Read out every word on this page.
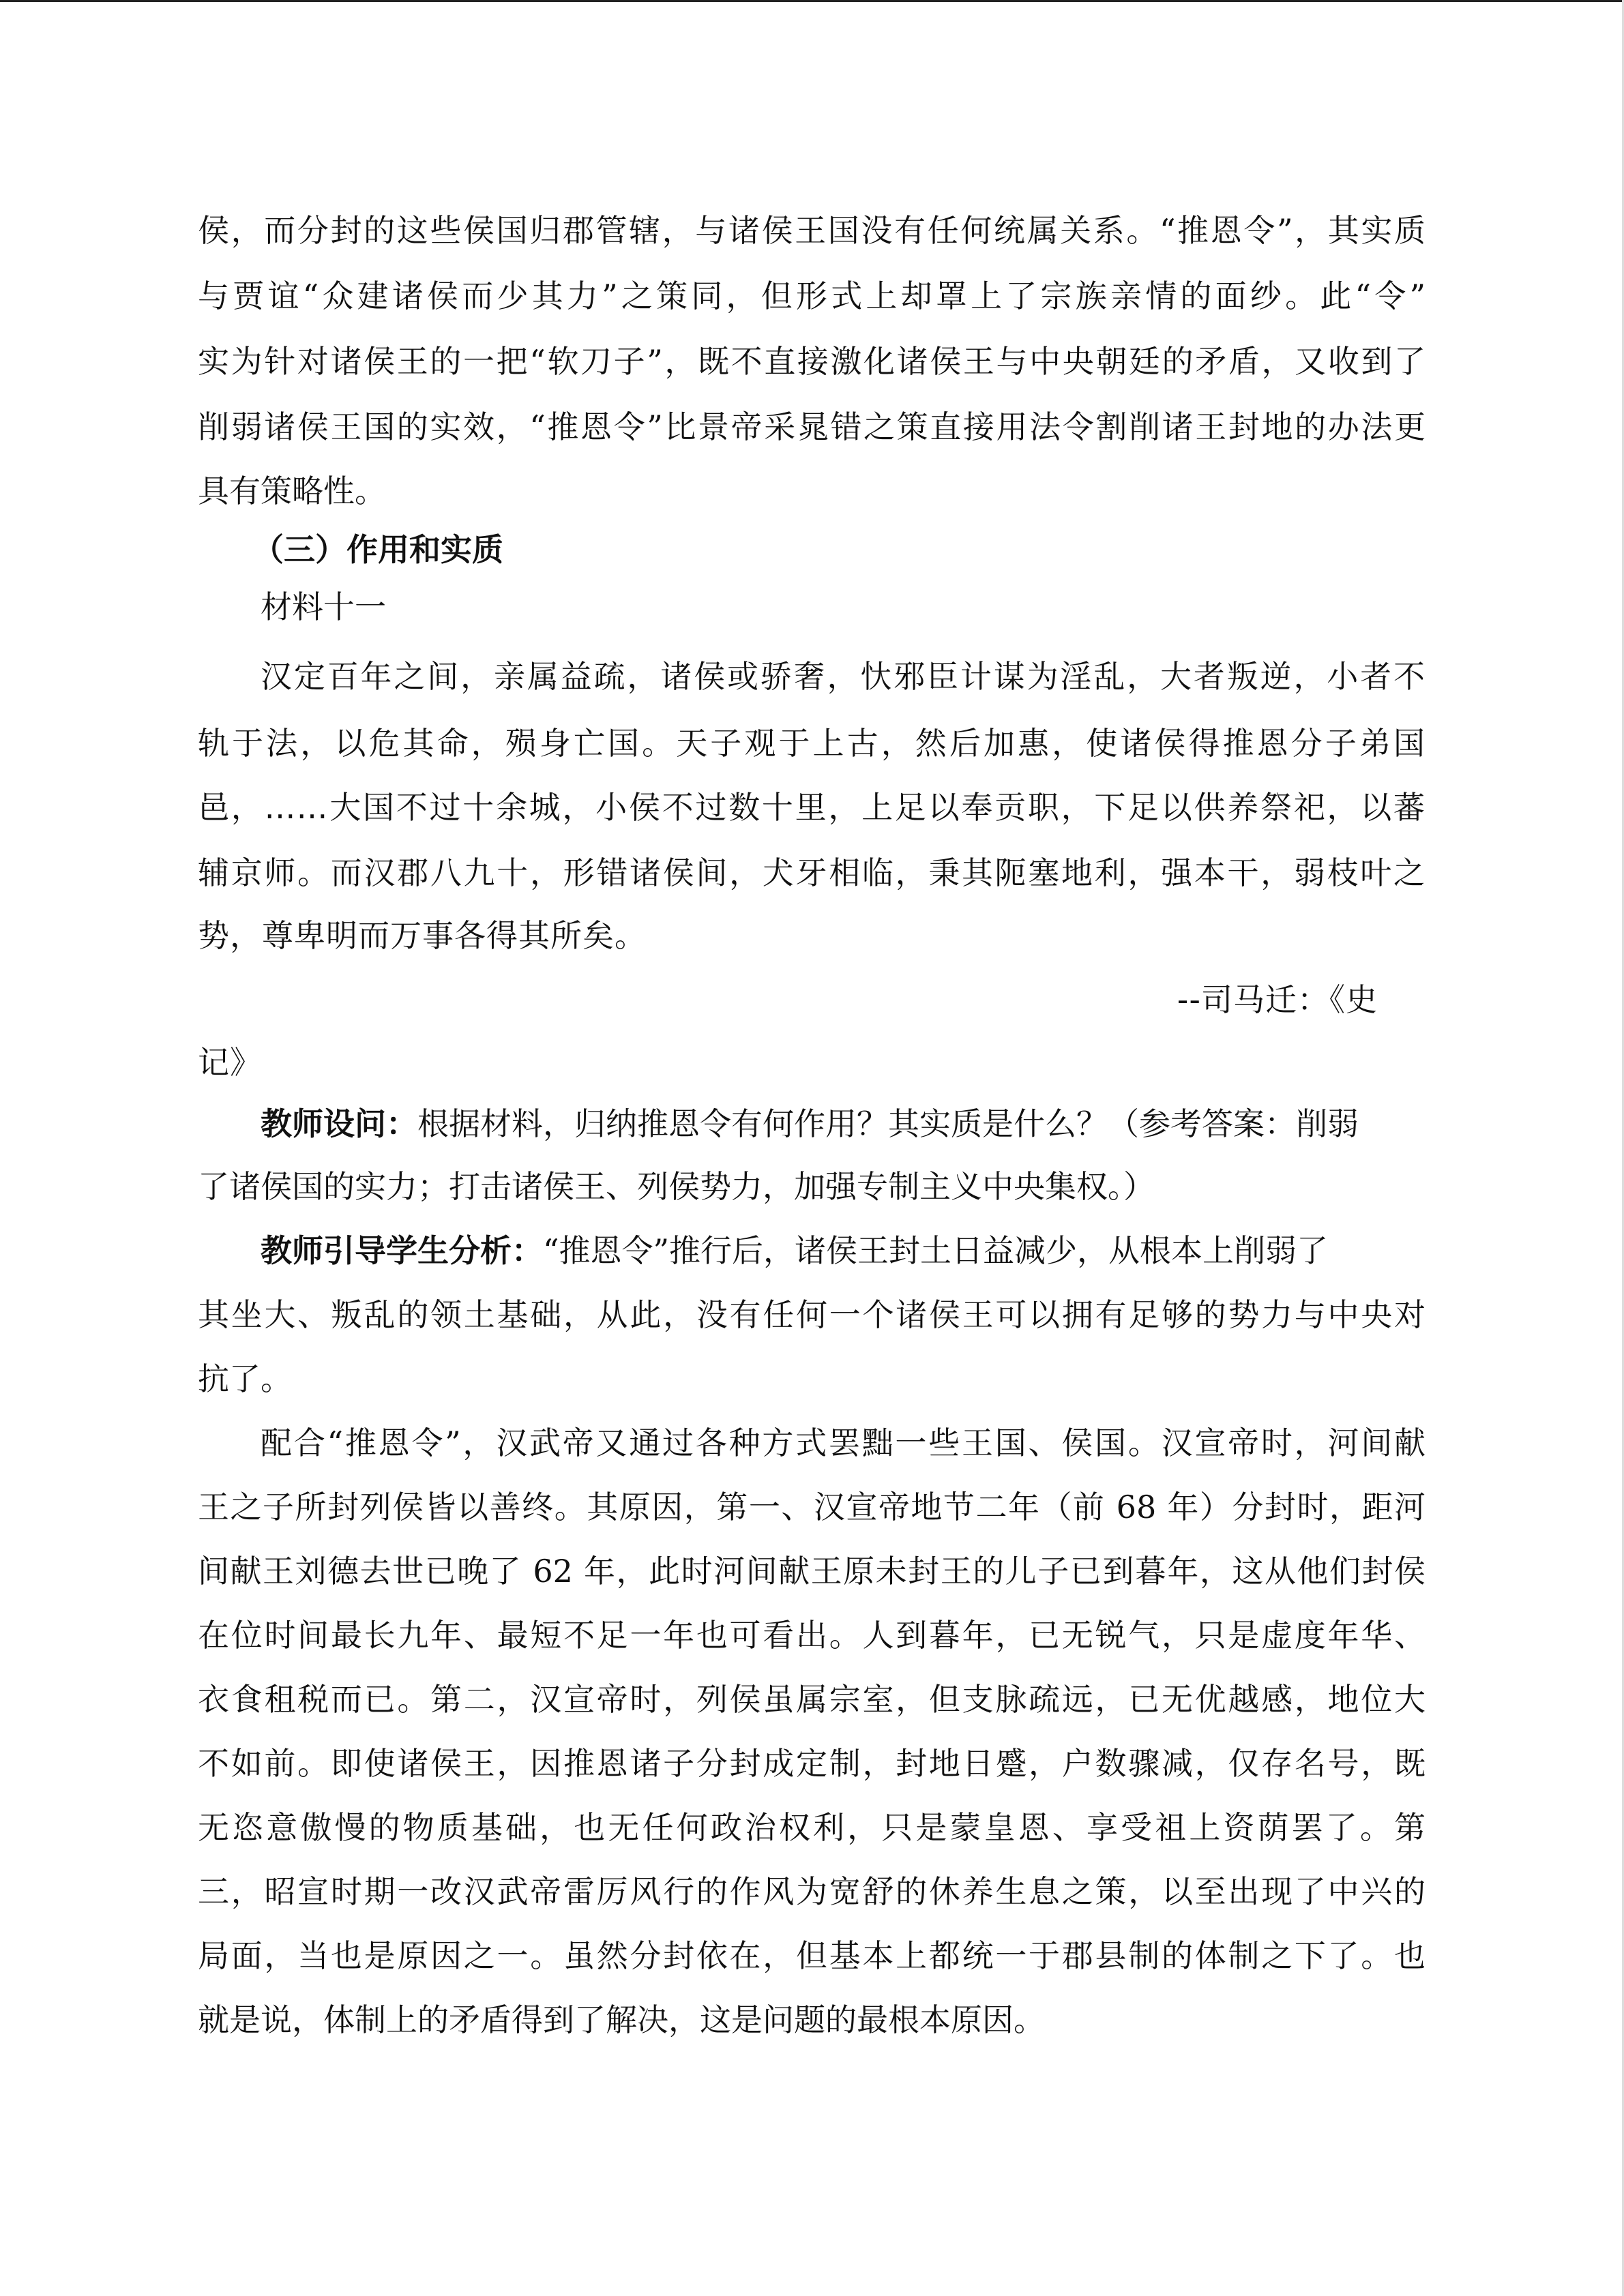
侯，而分封的这些侯国归郡管辖，与诸侯王国没有任何统属关系。“推恩令”，其实质
与贾谊“众建诸侯而少其力”之策同，但形式上却罩上了宗族亲情的面纱。此“令”
实为针对诸侯王的一把“软刀子”，既不直接激化诸侯王与中央朝廷的矛盾，又收到了
削弱诸侯王国的实效，“推恩令”比景帝采晁错之策直接用法令割削诸王封地的办法更
具有策略性。
（三）作用和实质
材料十一
汉定百年之间，亲属益疏，诸侯或骄奢，忕邪臣计谋为淫乱，大者叛逆，小者不
轨于法，以危其命，殒身亡国。天子观于上古，然后加惠，使诸侯得推恩分子弟国
邑，……大国不过十余城，小侯不过数十里，上足以奉贡职，下足以供养祭祀，以蕃
辅京师。而汉郡八九十，形错诸侯间，犬牙相临，秉其阨塞地利，强本干，弱枝叶之
势，尊卑明而万事各得其所矣。
--司马迁：《史
记》
教师设问：根据材料，归纳推恩令有何作用？其实质是什么？（参考答案：削弱
了诸侯国的实力；打击诸侯王、列侯势力，加强专制主义中央集权。）
教师引导学生分析：“推恩令”推行后，诸侯王封土日益减少，从根本上削弱了
其坐大、叛乱的领土基础，从此，没有任何一个诸侯王可以拥有足够的势力与中央对
抗了。
配合“推恩令”，汉武帝又通过各种方式罢黜一些王国、侯国。汉宣帝时，河间献
王之子所封列侯皆以善终。其原因，第一、汉宣帝地节二年（前 68 年）分封时，距河
间献王刘德去世已晚了 62 年，此时河间献王原未封王的儿子已到暮年，这从他们封侯
在位时间最长九年、最短不足一年也可看出。人到暮年，已无锐气，只是虚度年华、
衣食租税而已。第二，汉宣帝时，列侯虽属宗室，但支脉疏远，已无优越感，地位大
不如前。即使诸侯王，因推恩诸子分封成定制，封地日蹙，户数骤减，仅存名号，既
无恣意傲慢的物质基础，也无任何政治权利，只是蒙皇恩、享受祖上资荫罢了。第
三，昭宣时期一改汉武帝雷厉风行的作风为宽舒的休养生息之策，以至出现了中兴的
局面，当也是原因之一。虽然分封依在，但基本上都统一于郡县制的体制之下了。也
就是说，体制上的矛盾得到了解决，这是问题的最根本原因。
